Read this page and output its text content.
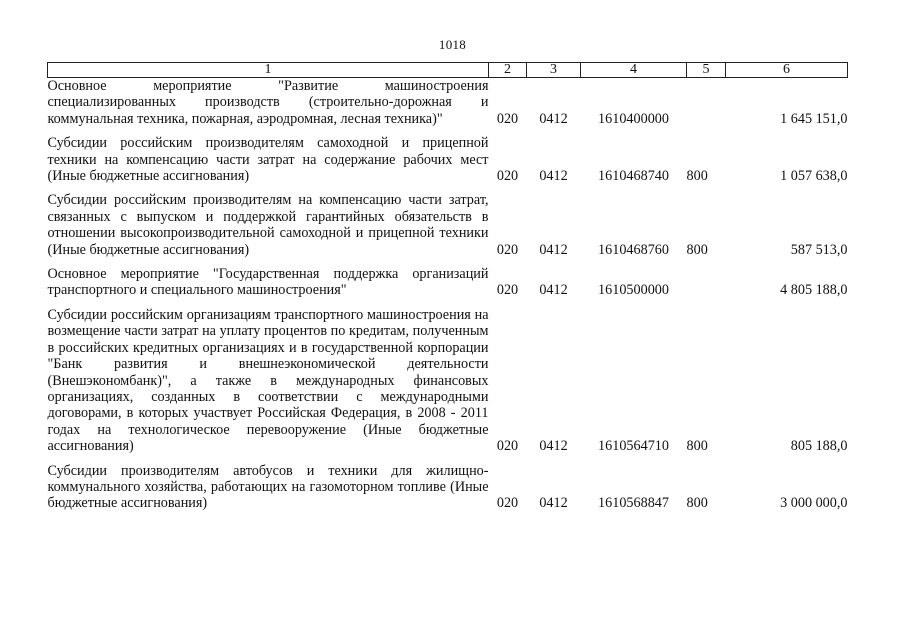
1018
1	2	3	4	5	6
Основное мероприятие "Развитие машиностроения специализированных производств (строительно-дорожная и коммунальная техника, пожарная, аэродромная, лесная техника)"	020	0412	1610400000		1 645 151,0

Субсидии российским производителям самоходной и прицепной техники на компенсацию части затрат на содержание рабочих мест (Иные бюджетные ассигнования)	020	0412	1610468740	800	1 057 638,0

Субсидии российским производителям на компенсацию части затрат, связанных с выпуском и поддержкой гарантийных обязательств в отношении высокопроизводительной самоходной и прицепной техники (Иные бюджетные ассигнования)	020	0412	1610468760	800	587 513,0

Основное мероприятие "Государственная поддержка организаций транспортного и специального машиностроения"	020	0412	1610500000		4 805 188,0

Субсидии российским организациям транспортного машиностроения на возмещение части затрат на уплату процентов по кредитам, полученным в российских кредитных организациях и в государственной корпорации "Банк развития и внешнеэкономической деятельности (Внешэкономбанк)", а также в международных финансовых организациях, созданных в соответствии с международными договорами, в которых участвует Российская Федерация, в 2008 - 2011 годах на технологическое перевооружение (Иные бюджетные ассигнования)	020	0412	1610564710	800	805 188,0

Субсидии производителям автобусов и техники для жилищно-коммунального хозяйства, работающих на газомоторном топливе (Иные бюджетные ассигнования)	020	0412	1610568847	800	3 000 000,0
